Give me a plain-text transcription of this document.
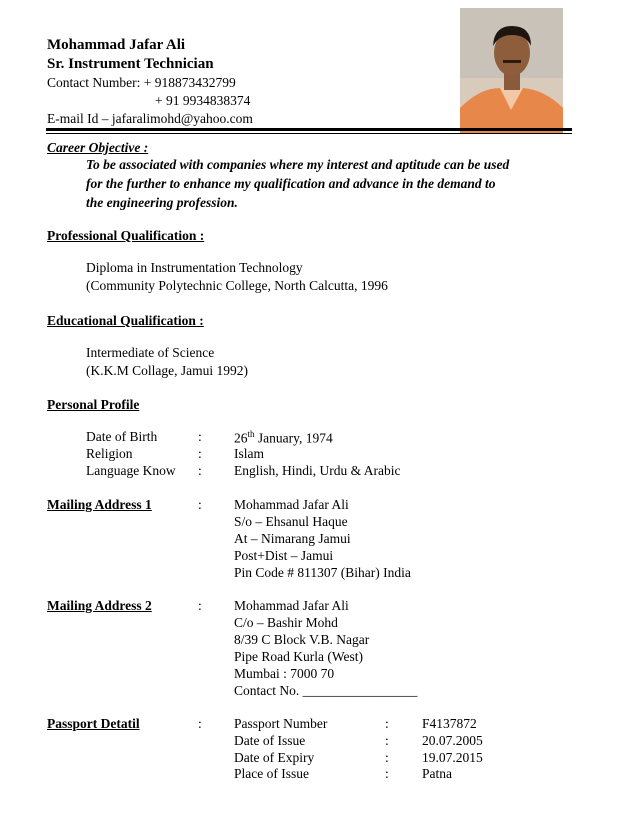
Mohammad Jafar Ali
Sr. Instrument Technician
Contact Number: + 918873432799
+ 91 9934838374
E-mail Id – jafaralimohd@yahoo.com
Career Objective :
To be associated with companies where my interest and aptitude can be used
for the further to enhance my qualification and advance in the demand to
the engineering profession.
Professional Qualification :
Diploma in Instrumentation Technology
(Community Polytechnic College, North Calcutta, 1996
Educational Qualification :
Intermediate of Science
(K.K.M Collage, Jamui 1992)
Personal Profile
Date of Birth	: 26th January, 1974
Religion	: Islam
Language Know : English, Hindi, Urdu & Arabic
Mailing Address 1	: Mohammad Jafar Ali
S/o – Ehsanul Haque
At – Nimarang Jamui
Post+Dist – Jamui
Pin Code # 811307 (Bihar) India
Mailing Address 2	: Mohammad Jafar Ali
C/o – Bashir Mohd
8/39 C Block V.B. Nagar
Pipe Road Kurla (West)
Mumbai : 7000 70
Contact No. _________________
Passport Detatil	: Passport Number	: F4137872
Date of Issue	: 20.07.2005
Date of Expiry	: 19.07.2015
Place of Issue	: Patna
